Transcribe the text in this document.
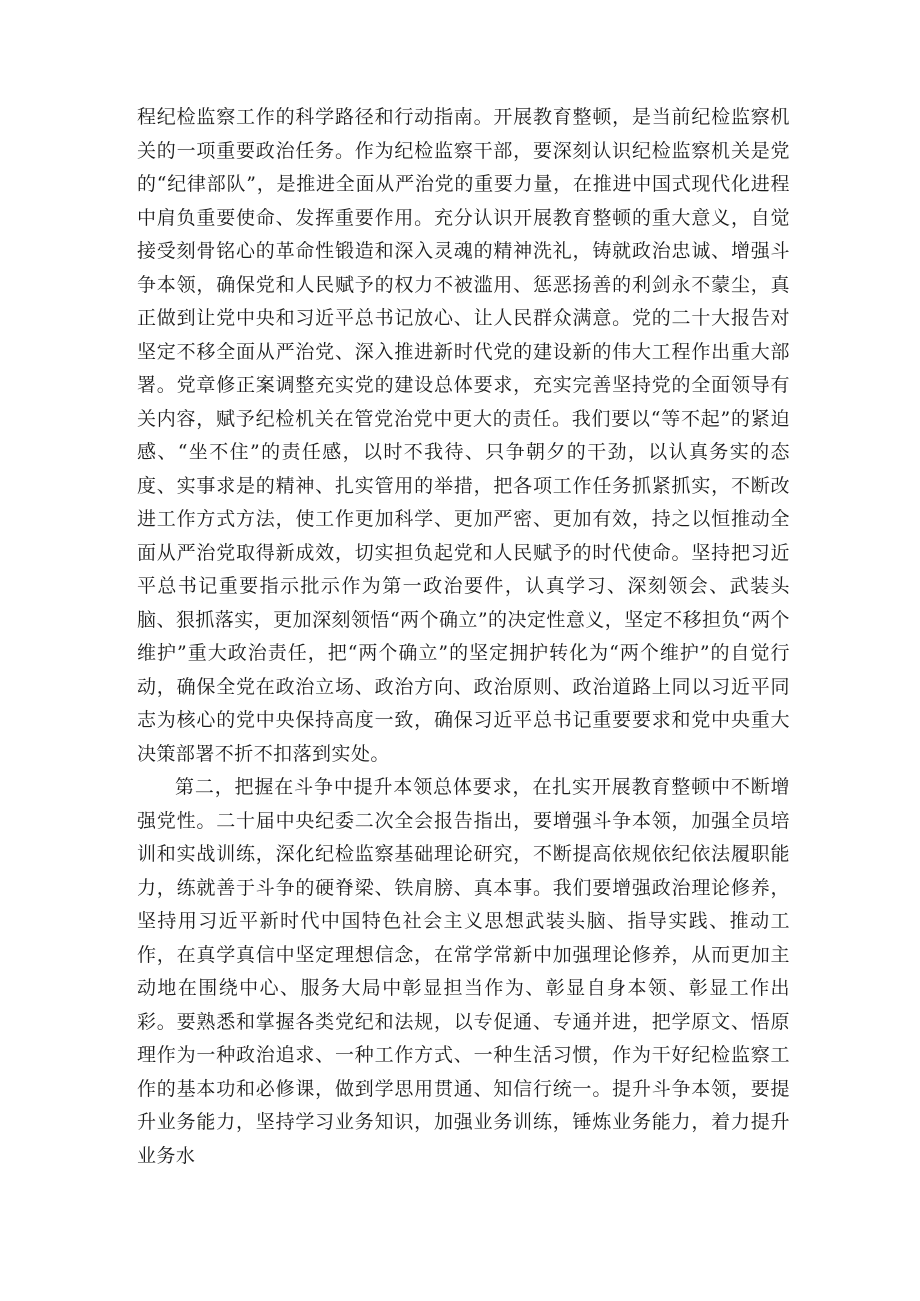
程纪检监察工作的科学路径和行动指南。开展教育整顿，是当前纪检监察机关的一项重要政治任务。作为纪检监察干部，要深刻认识纪检监察机关是党的“纪律部队”，是推进全面从严治党的重要力量，在推进中国式现代化进程中肩负重要使命、发挥重要作用。充分认识开展教育整顿的重大意义，自觉接受刻骨铭心的革命性锻造和深入灵魂的精神洗礼，铸就政治忠诚、增强斗争本领，确保党和人民赋予的权力不被滥用、惩恶扬善的利剑永不蒙尘，真正做到让党中央和习近平总书记放心、让人民群众满意。党的二十大报告对坚定不移全面从严治党、深入推进新时代党的建设新的伟大工程作出重大部署。党章修正案调整充实党的建设总体要求，充实完善坚持党的全面领导有关内容，赋予纪检机关在管党治党中更大的责任。我们要以“等不起”的紧迫感、“坐不住”的责任感，以时不我待、只争朝夕的干劲，以认真务实的态度、实事求是的精神、扎实管用的举措，把各项工作任务抓紧抓实，不断改进工作方式方法，使工作更加科学、更加严密、更加有效，持之以恒推动全面从严治党取得新成效，切实担负起党和人民赋予的时代使命。坚持把习近平总书记重要指示批示作为第一政治要件，认真学习、深刻领会、武装头脑、狠抓落实，更加深刻领悟“两个确立”的决定性意义，坚定不移担负“两个维护”重大政治责任，把“两个确立”的坚定拥护转化为“两个维护”的自觉行动，确保全党在政治立场、政治方向、政治原则、政治道路上同以习近平同志为核心的党中央保持高度一致，确保习近平总书记重要要求和党中央重大决策部署不折不扣落到实处。

第二，把握在斗争中提升本领总体要求，在扎实开展教育整顿中不断增强党性。二十届中央纪委二次全会报告指出，要增强斗争本领，加强全员培训和实战训练，深化纪检监察基础理论研究，不断提高依规依纪依法履职能力，练就善于斗争的硬脊梁、铁肩膀、真本事。我们要增强政治理论修养，坚持用习近平新时代中国特色社会主义思想武装头脑、指导实践、推动工作，在真学真信中坚定理想信念，在常学常新中加强理论修养，从而更加主动地在围绕中心、服务大局中彰显担当作为、彰显自身本领、彰显工作出彩。要熟悉和掌握各类党纪和法规，以专促通、专通并进，把学原文、悟原理作为一种政治追求、一种工作方式、一种生活习惯，作为干好纪检监察工作的基本功和必修课，做到学思用贯通、知信行统一。提升斗争本领，要提升业务能力，坚持学习业务知识，加强业务训练，锤炼业务能力，着力提升业务水
